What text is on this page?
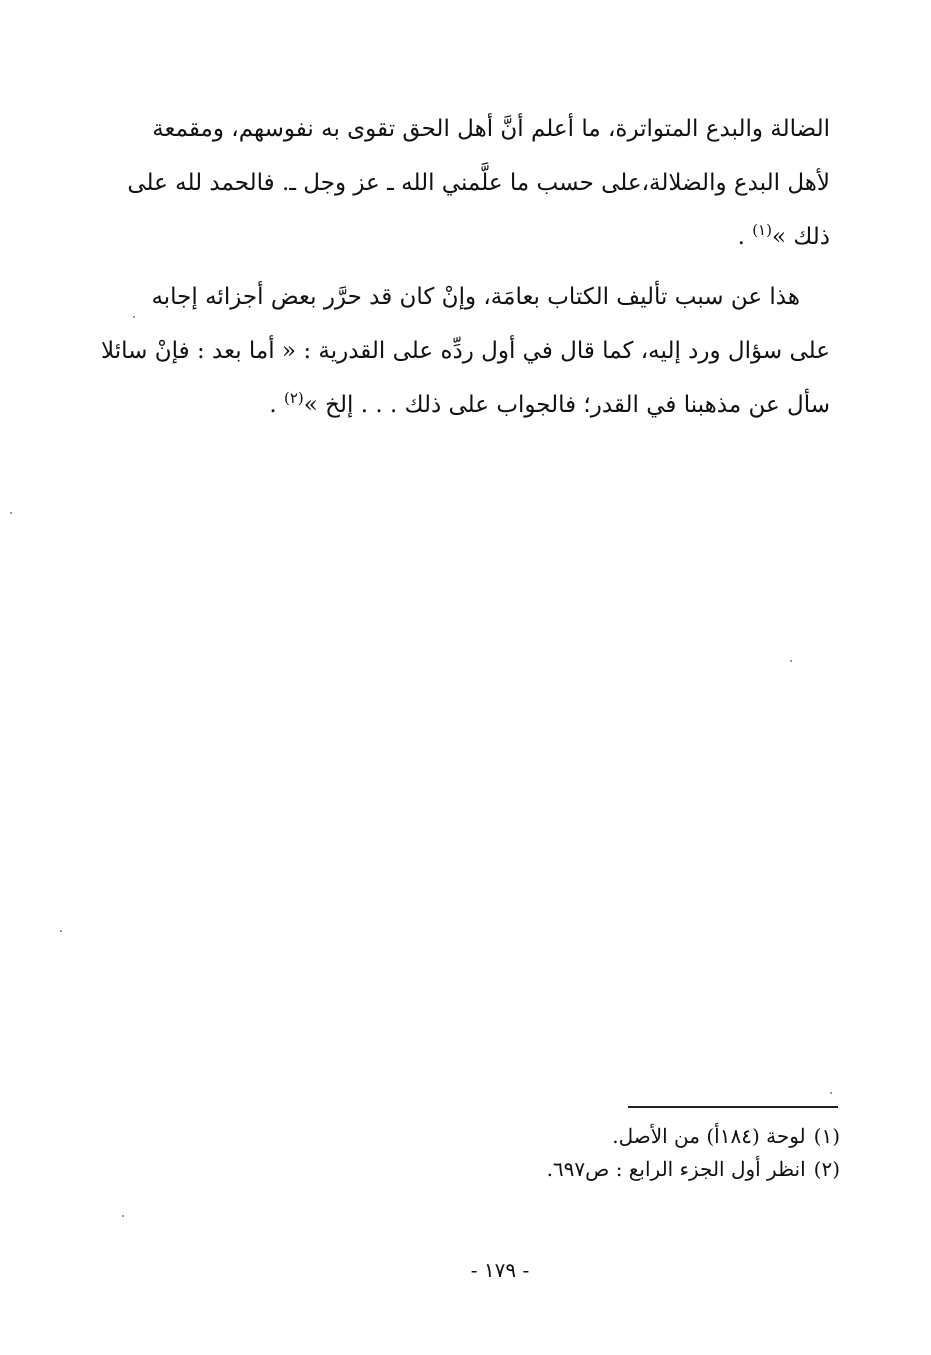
الضالة والبدع المتواترة، ما أعلم أنَّ أهل الحق تقوى به نفوسهم، ومقمعة
لأهل البدع والضلالة،على حسب ما علَّمني الله ـ عز وجل ـ. فالحمد لله على
ذلك »$^{(١)}$ .
هذا عن سبب تأليف الكتاب بعامَة، وإنْ كان قد حرَّر بعض أجزائه إجابه
على سؤال ورد إليه، كما قال في أول ردِّه على القدرية : « أما بعد : فإنْ سائلا
سأل عن مذهبنا في القدر؛ فالجواب على ذلك . . . إلخ »$^{(٢)}$ .
(١)لوحة (١٨٤أ) من الأصل.
(٢)انظر أول الجزء الرابع : ص٦٩٧.
- ١٧٩ -
